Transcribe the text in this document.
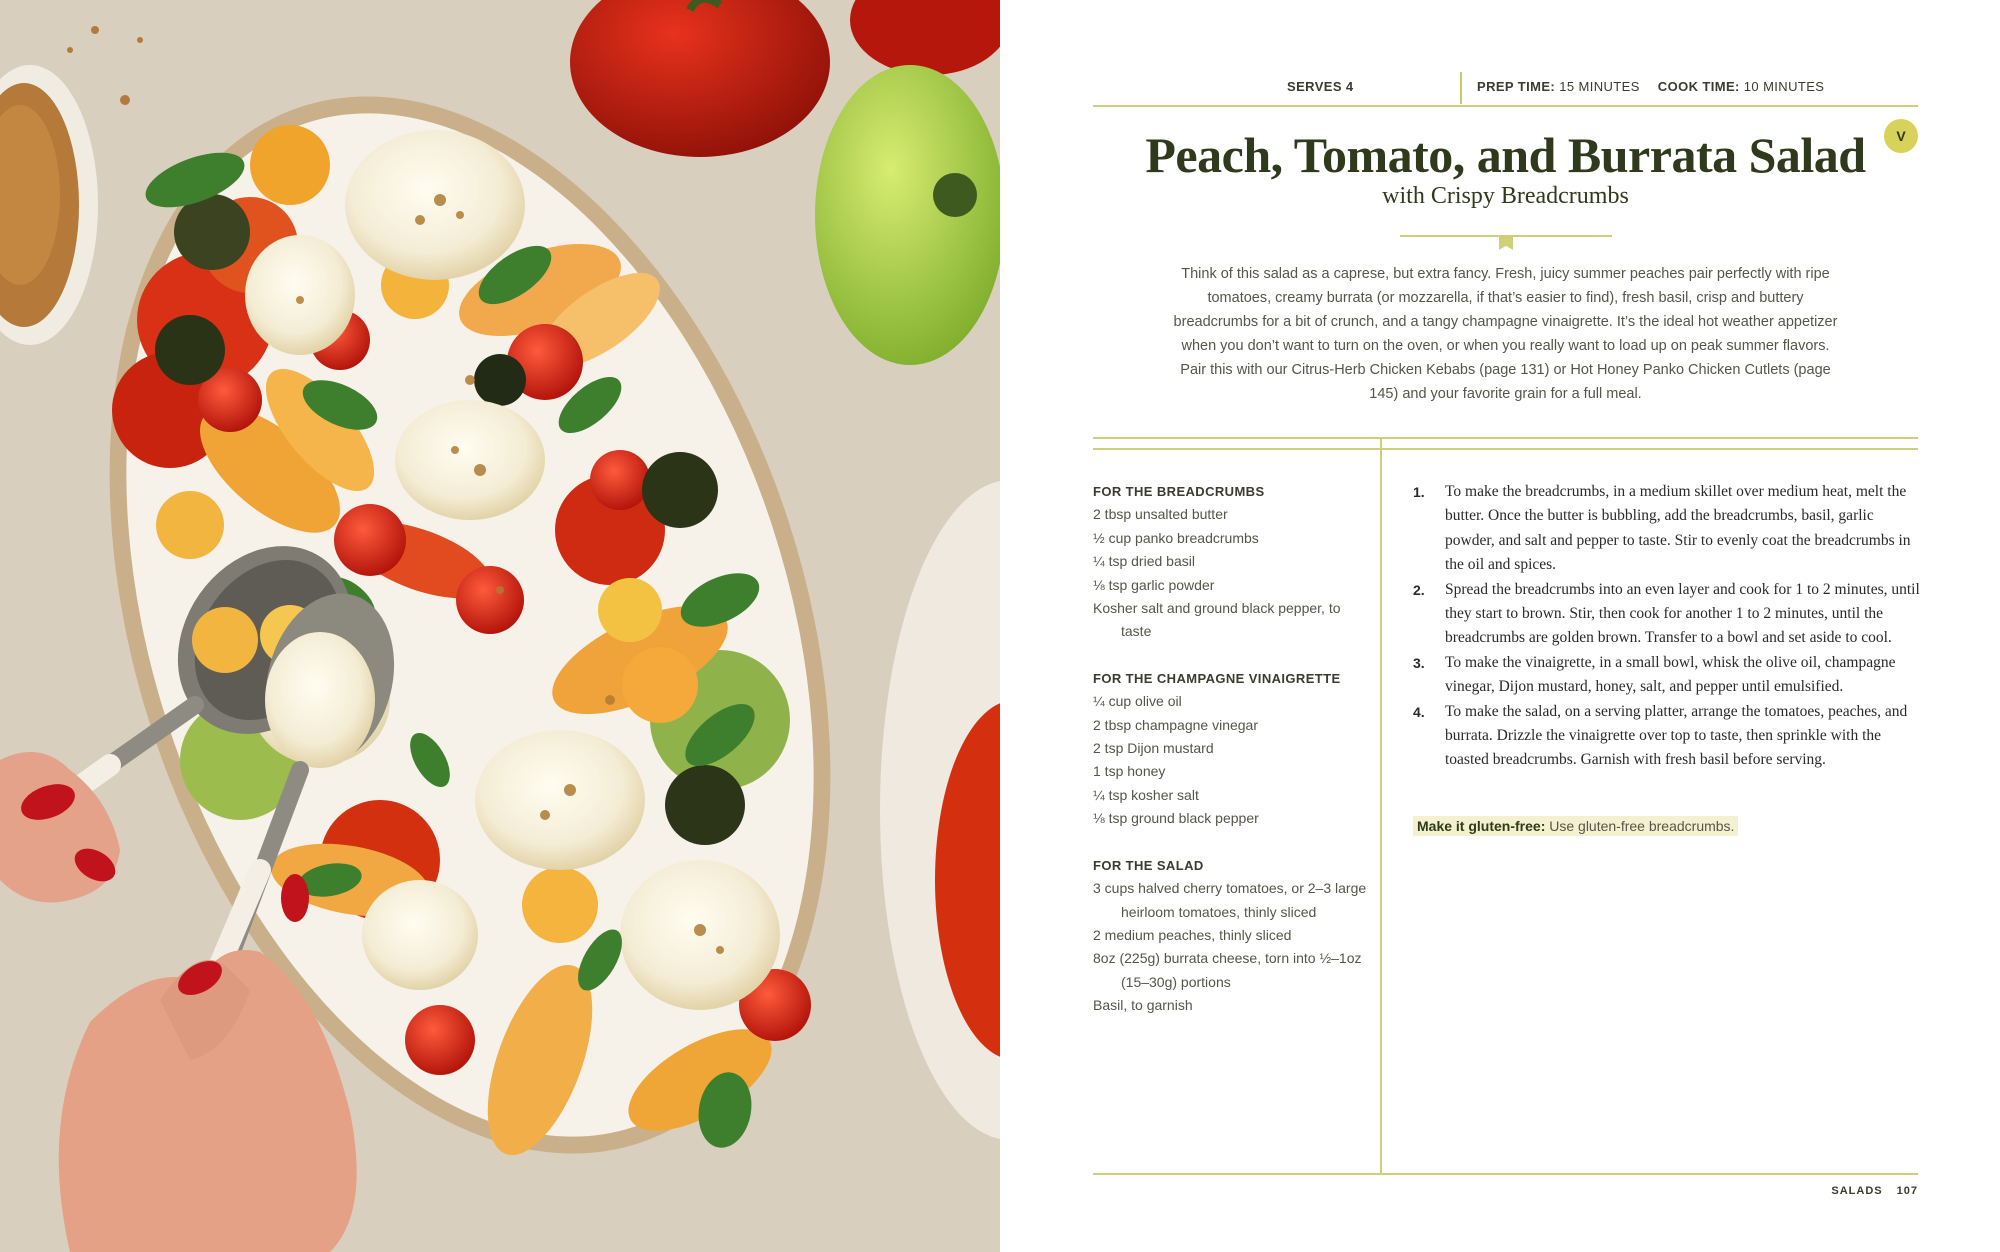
SERVES 4	PREP TIME: 15 MINUTES COOK TIME: 10 MINUTES
V
Peach, Tomato, and Burrata Salad
with Crispy Breadcrumbs
Think of this salad as a caprese, but extra fancy. Fresh, juicy summer peaches pair perfectly with ripe tomatoes, creamy burrata (or mozzarella, if that’s easier to find), fresh basil, crisp and buttery breadcrumbs for a bit of crunch, and a tangy champagne vinaigrette. It’s the ideal hot weather appetizer when you don’t want to turn on the oven, or when you really want to load up on peak summer flavors. Pair this with our Citrus-Herb Chicken Kebabs (page 131) or Hot Honey Panko Chicken Cutlets (page 145) and your favorite grain for a full meal.
FOR THE BREADCRUMBS
2 tbsp unsalted butter
½ cup panko breadcrumbs
¼ tsp dried basil
⅛ tsp garlic powder
Kosher salt and ground black pepper, to taste
FOR THE CHAMPAGNE VINAIGRETTE
¼ cup olive oil
2 tbsp champagne vinegar
2 tsp Dijon mustard
1 tsp honey
¼ tsp kosher salt
⅛ tsp ground black pepper
FOR THE SALAD
3 cups halved cherry tomatoes, or 2–3 large heirloom tomatoes, thinly sliced
2 medium peaches, thinly sliced
8oz (225g) burrata cheese, torn into ½–1oz (15–30g) portions
Basil, to garnish
1. To make the breadcrumbs, in a medium skillet over medium heat, melt the butter. Once the butter is bubbling, add the breadcrumbs, basil, garlic powder, and salt and pepper to taste. Stir to evenly coat the breadcrumbs in the oil and spices.
2. Spread the breadcrumbs into an even layer and cook for 1 to 2 minutes, until they start to brown. Stir, then cook for another 1 to 2 minutes, until the breadcrumbs are golden brown. Transfer to a bowl and set aside to cool.
3. To make the vinaigrette, in a small bowl, whisk the olive oil, champagne vinegar, Dijon mustard, honey, salt, and pepper until emulsified.
4. To make the salad, on a serving platter, arrange the tomatoes, peaches, and burrata. Drizzle the vinaigrette over top to taste, then sprinkle with the toasted breadcrumbs. Garnish with fresh basil before serving.
Make it gluten-free: Use gluten-free breadcrumbs.
SALADS 107
